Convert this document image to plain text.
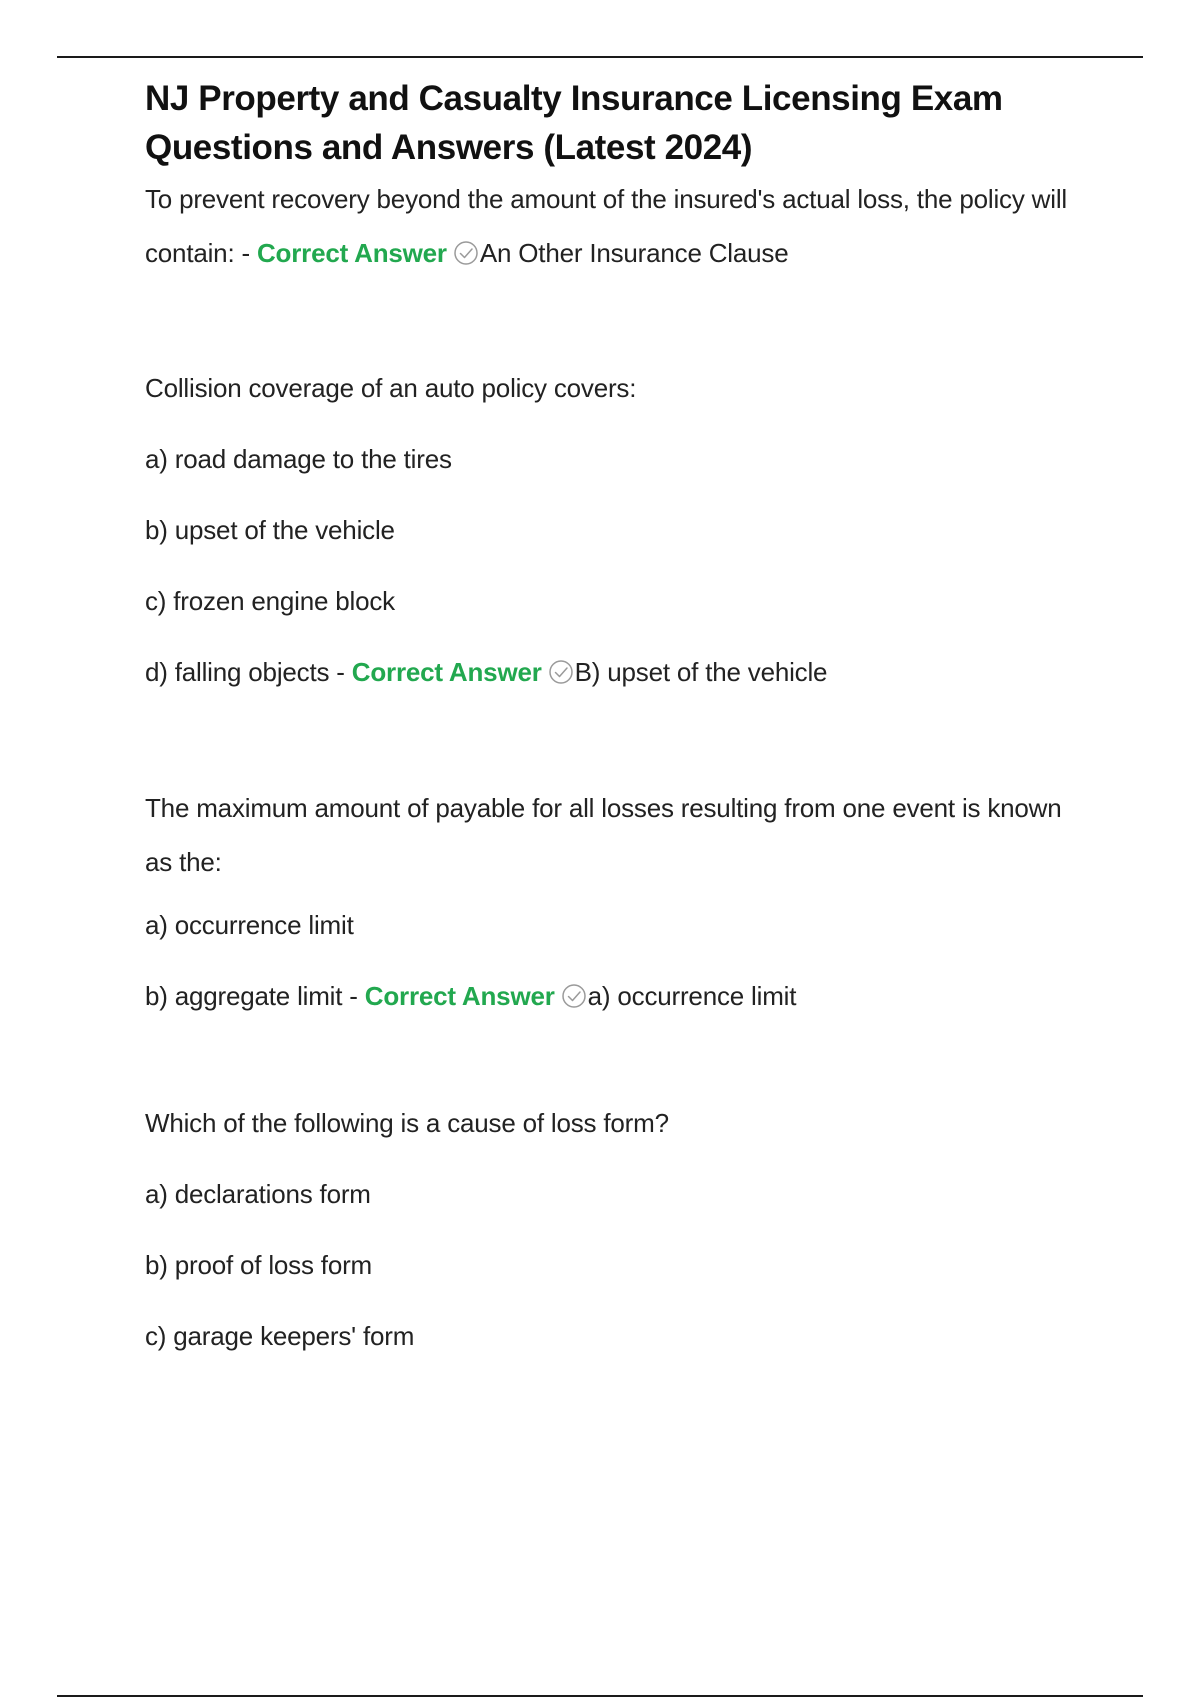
NJ Property and Casualty Insurance Licensing Exam Questions and Answers (Latest 2024)

To prevent recovery beyond the amount of the insured's actual loss, the policy will contain: - Correct Answer An Other Insurance Clause

Collision coverage of an auto policy covers:

a) road damage to the tires

b) upset of the vehicle

c) frozen engine block

d) falling objects - Correct Answer B) upset of the vehicle

The maximum amount of payable for all losses resulting from one event is known as the:

a) occurrence limit

b) aggregate limit - Correct Answer a) occurrence limit

Which of the following is a cause of loss form?

a) declarations form

b) proof of loss form

c) garage keepers' form
